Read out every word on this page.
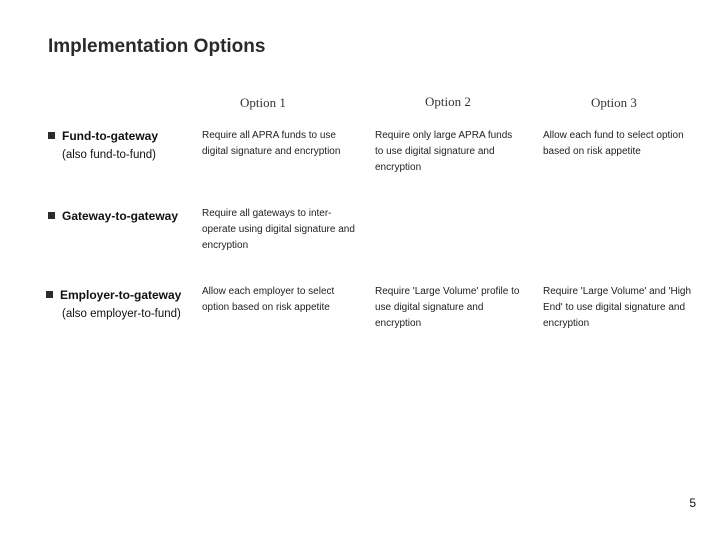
Implementation Options
Option 1	Option 2	Option 3
Fund-to-gateway
(also fund-to-fund)
Require all APRA funds to use
digital signature and encryption
Require only large APRA funds
to use digital signature and
encryption
Allow each fund to select option
based on risk appetite
Gateway-to-gateway Require all gateways to inter-
operate using digital signature and
encryption
Employer-to-gateway
(also employer-to-fund)
Allow each employer to select
option based on risk appetite
Require 'Large Volume' profile to
use digital signature and
encryption
Require 'Large Volume' and 'High
End' to use digital signature and
encryption
5
